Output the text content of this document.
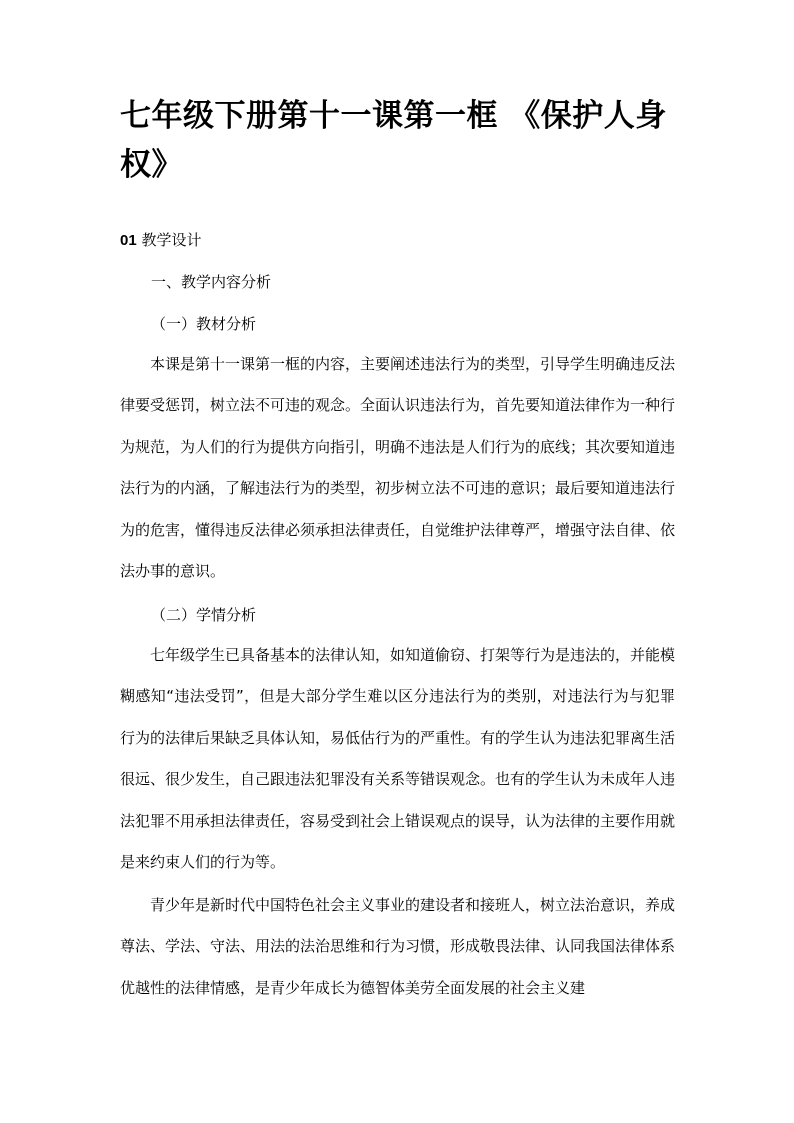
七年级下册第十一课第一框 《保护人身权》

01 教学设计

一、教学内容分析

（一）教材分析

本课是第十一课第一框的内容，主要阐述违法行为的类型，引导学生明确违反法律要受惩罚，树立法不可违的观念。全面认识违法行为，首先要知道法律作为一种行为规范，为人们的行为提供方向指引，明确不违法是人们行为的底线；其次要知道违法行为的内涵，了解违法行为的类型，初步树立法不可违的意识；最后要知道违法行为的危害，懂得违反法律必须承担法律责任，自觉维护法律尊严，增强守法自律、依法办事的意识。

（二）学情分析

七年级学生已具备基本的法律认知，如知道偷窃、打架等行为是违法的，并能模糊感知“违法受罚”，但是大部分学生难以区分违法行为的类别，对违法行为与犯罪行为的法律后果缺乏具体认知，易低估行为的严重性。有的学生认为违法犯罪离生活很远、很少发生，自己跟违法犯罪没有关系等错误观念。也有的学生认为未成年人违法犯罪不用承担法律责任，容易受到社会上错误观点的误导，认为法律的主要作用就是来约束人们的行为等。

青少年是新时代中国特色社会主义事业的建设者和接班人，树立法治意识，养成尊法、学法、守法、用法的法治思维和行为习惯，形成敬畏法律、认同我国法律体系优越性的法律情感，是青少年成长为德智体美劳全面发展的社会主义建
